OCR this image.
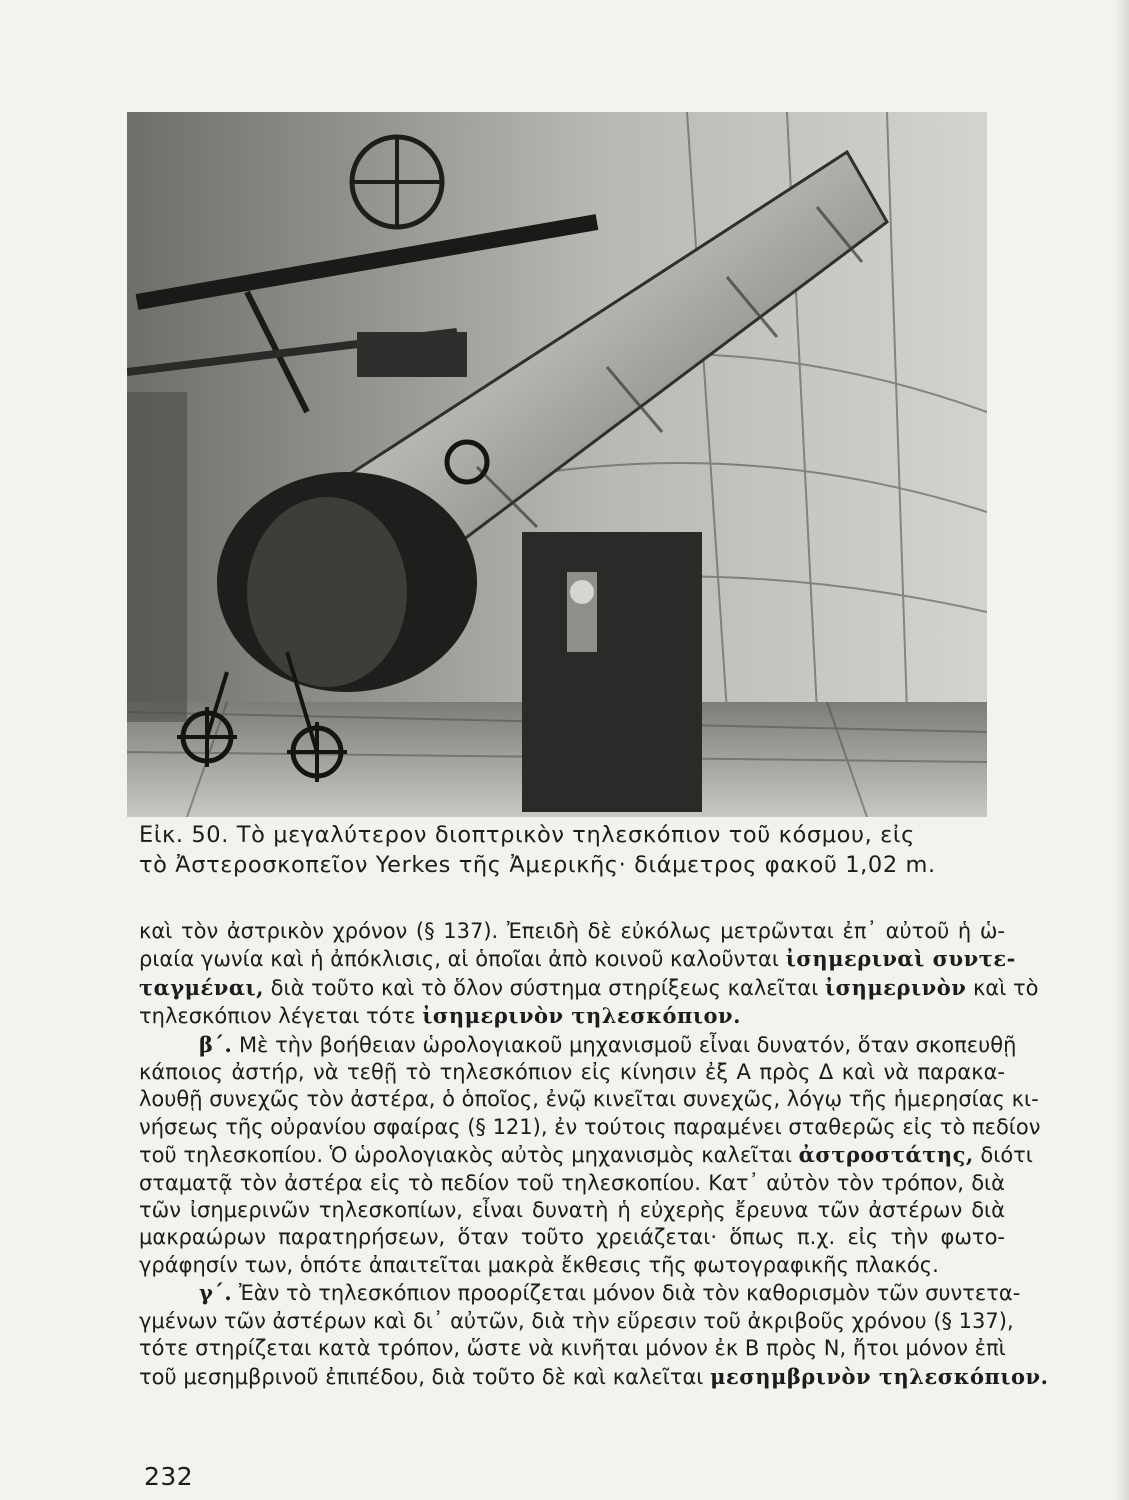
Εἰκ. 50. Τὸ μεγαλύτερον διοπτρικὸν τηλεσκόπιον τοῦ κόσμου, εἰς
τὸ Ἀστεροσκοπεῖον Yerkes τῆς Ἀμερικῆς· διάμετρος φακοῦ 1,02 m.
καὶ τὸν ἀστρικὸν χρόνον (§ 137). Ἐπειδὴ δὲ εὐκόλως μετρῶνται ἐπ᾽ αὐτοῦ ἡ ὡ-
ριαία γωνία καὶ ἡ ἀπόκλισις, αἱ ὁποῖαι ἀπὸ κοινοῦ καλοῦνται ἰσημεριναὶ συντε-
ταγμέναι, διὰ τοῦτο καὶ τὸ ὅλον σύστημα στηρίξεως καλεῖται ἰσημερινὸν καὶ τὸ
τηλεσκόπιον λέγεται τότε ἰσημερινὸν τηλεσκόπιον.
β΄. Μὲ τὴν βοήθειαν ὡρολογιακοῦ μηχανισμοῦ εἶναι δυνατόν, ὅταν σκοπευθῇ
κάποιος ἀστήρ, νὰ τεθῇ τὸ τηλεσκόπιον εἰς κίνησιν ἐξ Α πρὸς Δ καὶ νὰ παρακα-
λουθῇ συνεχῶς τὸν ἀστέρα, ὁ ὁποῖος, ἐνῷ κινεῖται συνεχῶς, λόγῳ τῆς ἡμερησίας κι-
νήσεως τῆς οὐρανίου σφαίρας (§ 121), ἐν τούτοις παραμένει σταθερῶς εἰς τὸ πεδίον
τοῦ τηλεσκοπίου. Ὁ ὡρολογιακὸς αὐτὸς μηχανισμὸς καλεῖται ἀστροστάτης, διότι
σταματᾷ τὸν ἀστέρα εἰς τὸ πεδίον τοῦ τηλεσκοπίου. Κατ᾽ αὐτὸν τὸν τρόπον, διὰ
τῶν ἰσημερινῶν τηλεσκοπίων, εἶναι δυνατὴ ἡ εὐχερὴς ἔρευνα τῶν ἀστέρων διὰ
μακραώρων παρατηρήσεων, ὅταν τοῦτο χρειάζεται· ὅπως π.χ. εἰς τὴν φωτο-
γράφησίν των, ὁπότε ἀπαιτεῖται μακρὰ ἔκθεσις τῆς φωτογραφικῆς πλακός.
γ΄. Ἐὰν τὸ τηλεσκόπιον προορίζεται μόνον διὰ τὸν καθορισμὸν τῶν συντετα-
γμένων τῶν ἀστέρων καὶ δι᾽ αὐτῶν, διὰ τὴν εὕρεσιν τοῦ ἀκριβοῦς χρόνου (§ 137),
τότε στηρίζεται κατὰ τρόπον, ὥστε νὰ κινῆται μόνον ἐκ Β πρὸς Ν, ἤτοι μόνον ἐπὶ
τοῦ μεσημβρινοῦ ἐπιπέδου, διὰ τοῦτο δὲ καὶ καλεῖται μεσημβρινὸν τηλεσκόπιον.
232
